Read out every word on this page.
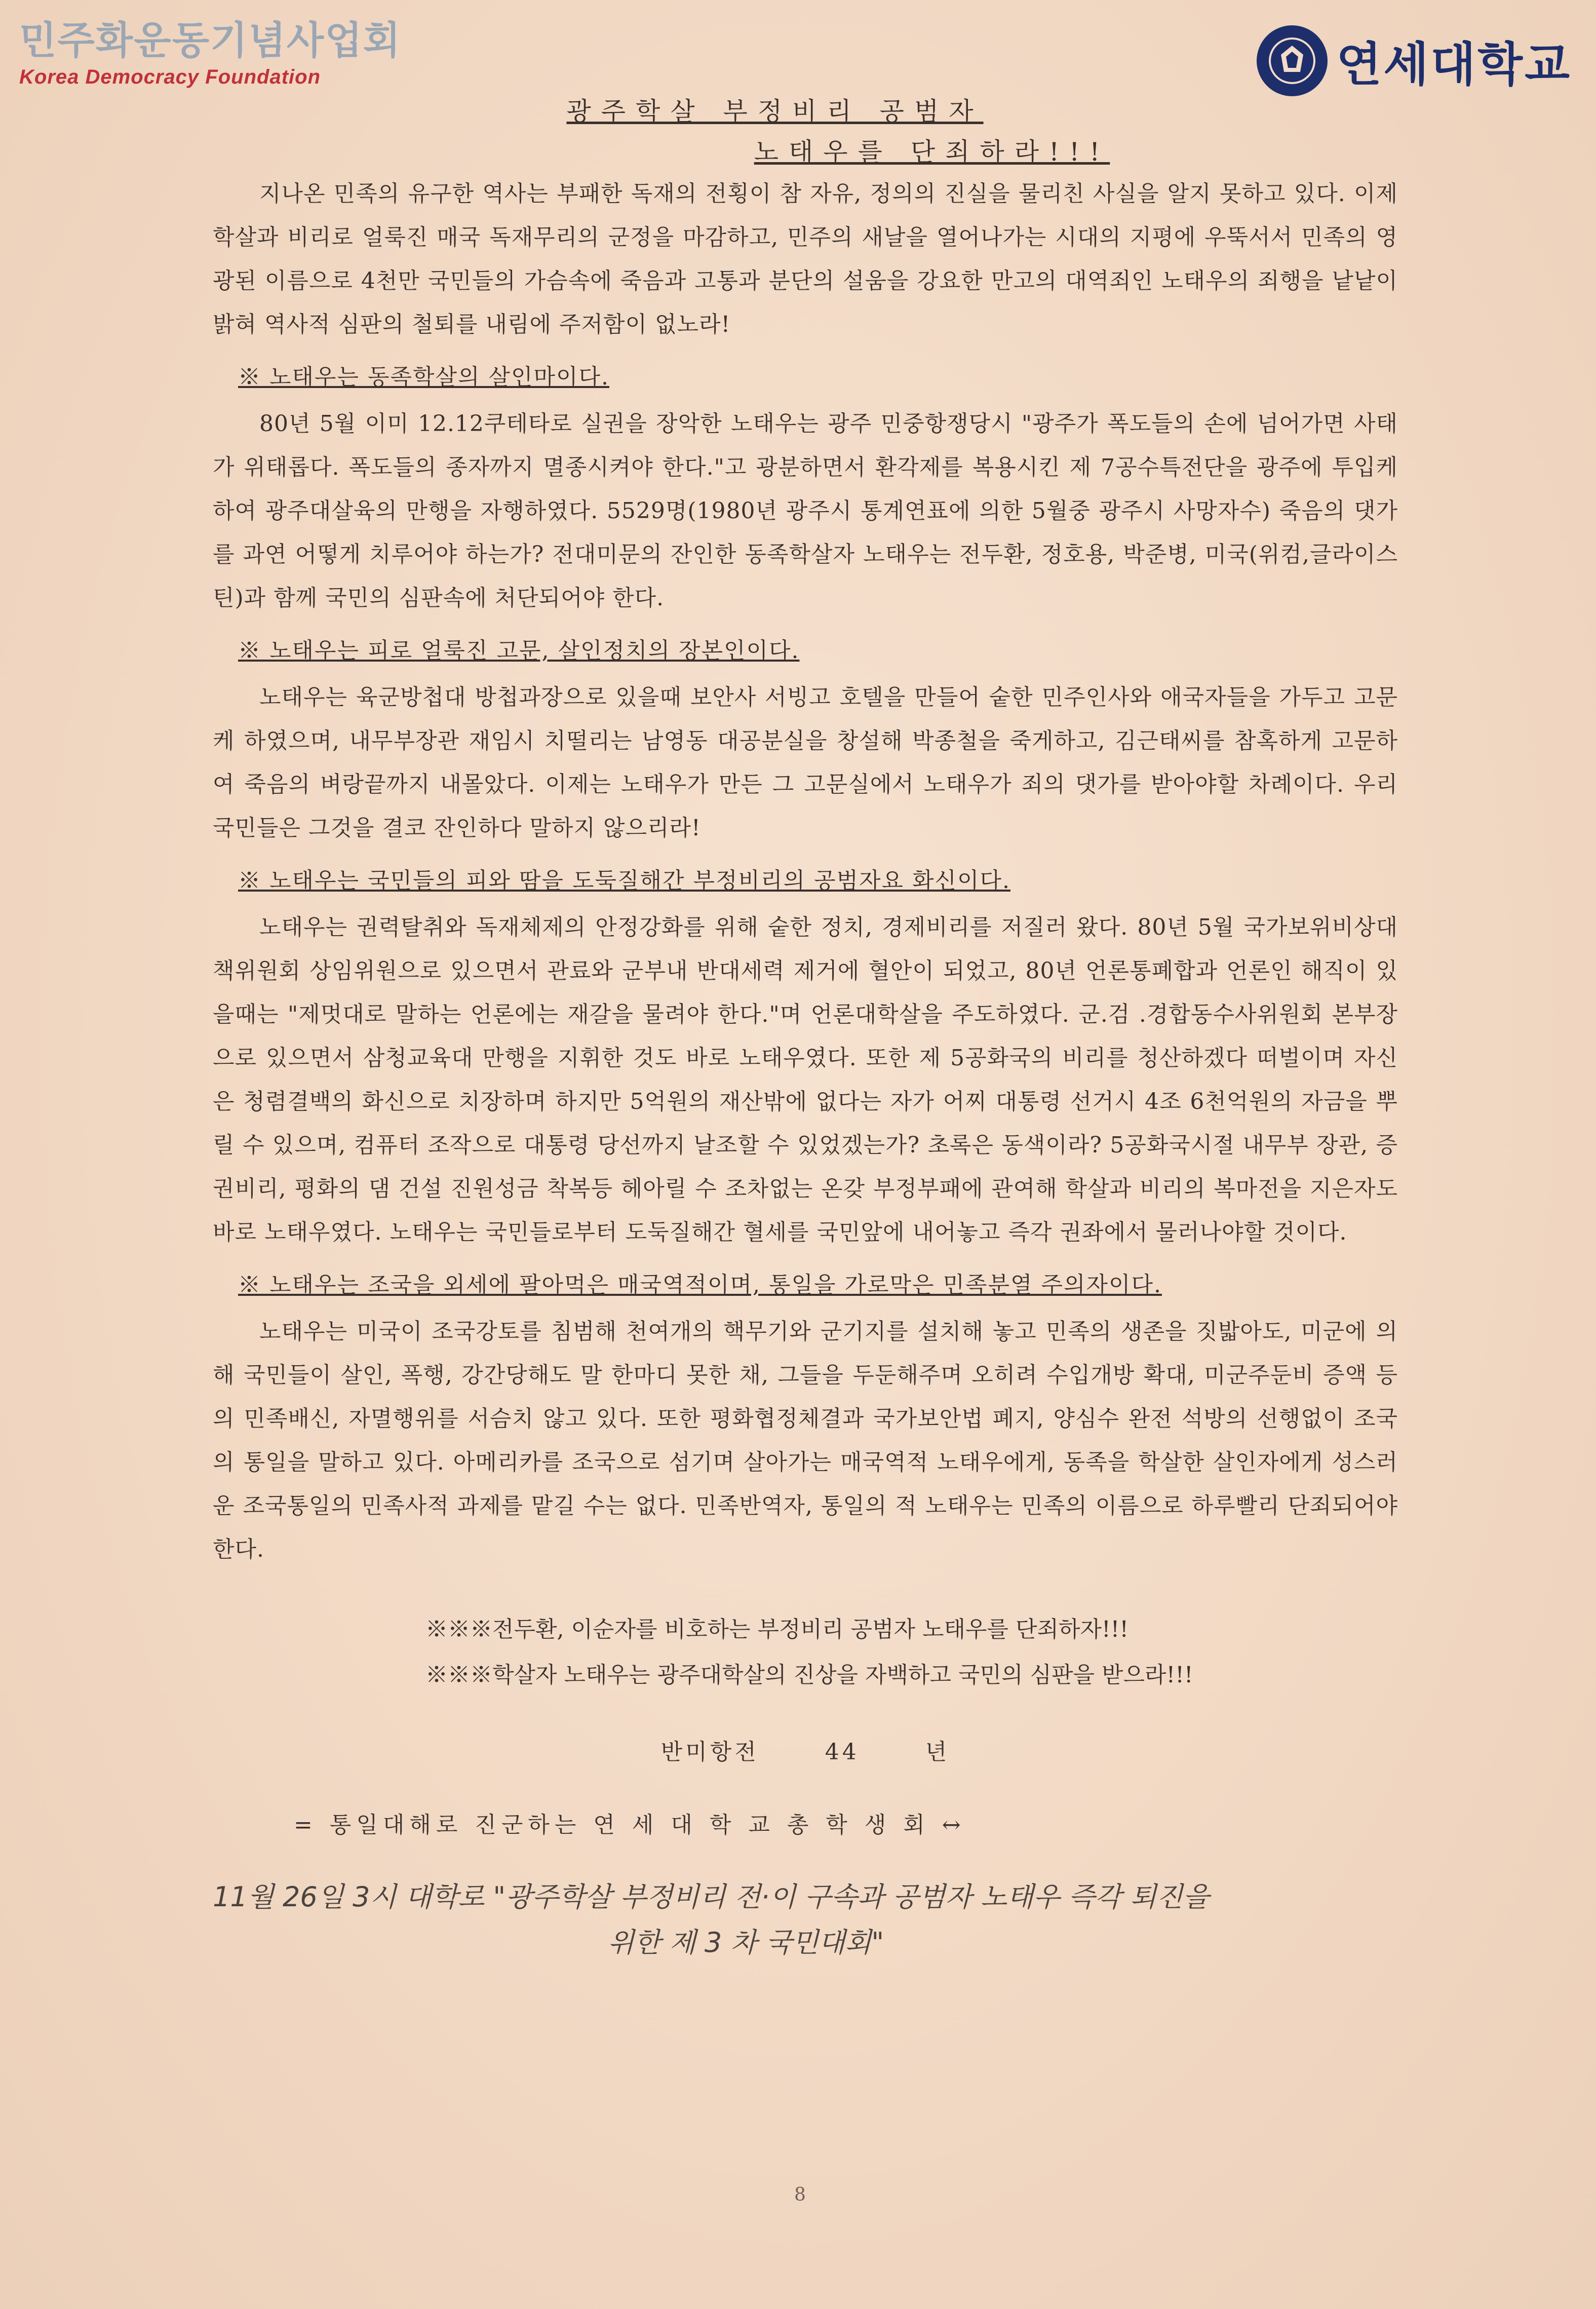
민주화운동기념사업회
Korea Democracy Foundation	연세대학교
광주학살 부정비리 공범자
노태우를 단죄하라!!!

지나온 민족의 유구한 역사는 부패한 독재의 전횡이 참 자유, 정의의 진실을 물리친 사실을 알지 못하고 있다. 이제 학살과 비리로 얼룩진 매국 독재무리의 군정을 마감하고, 민주의 새날을 열어나가는 시대의 지평에 우뚝서서 민족의 영광된 이름으로 4천만 국민들의 가슴속에 죽음과 고통과 분단의 설움을 강요한 만고의 대역죄인 노태우의 죄행을 낱낱이 밝혀 역사적 심판의 철퇴를 내림에 주저함이 없노라!

※ 노태우는 동족학살의 살인마이다.

80년 5월 이미 12.12쿠테타로 실권을 장악한 노태우는 광주 민중항쟁당시 "광주가 폭도들의 손에 넘어가면 사태가 위태롭다. 폭도들의 종자까지 멸종시켜야 한다."고 광분하면서 환각제를 복용시킨 제 7공수특전단을 광주에 투입케하여 광주대살육의 만행을 자행하였다. 5529명(1980년 광주시 통계연표에 의한 5월중 광주시 사망자수) 죽음의 댓가를 과연 어떻게 치루어야 하는가? 전대미문의 잔인한 동족학살자 노태우는 전두환, 정호용, 박준병, 미국(위컴,글라이스틴)과 함께 국민의 심판속에 처단되어야 한다.

※ 노태우는 피로 얼룩진 고문, 살인정치의 장본인이다.

노태우는 육군방첩대 방첩과장으로 있을때 보안사 서빙고 호텔을 만들어 숱한 민주인사와 애국자들을 가두고 고문케 하였으며, 내무부장관 재임시 치떨리는 남영동 대공분실을 창설해 박종철을 죽게하고, 김근태씨를 참혹하게 고문하여 죽음의 벼랑끝까지 내몰았다. 이제는 노태우가 만든 그 고문실에서 노태우가 죄의 댓가를 받아야할 차례이다. 우리 국민들은 그것을 결코 잔인하다 말하지 않으리라!

※ 노태우는 국민들의 피와 땀을 도둑질해간 부정비리의 공범자요 화신이다.

노태우는 권력탈취와 독재체제의 안정강화를 위해 숱한 정치, 경제비리를 저질러 왔다. 80년 5월 국가보위비상대책위원회 상임위원으로 있으면서 관료와 군부내 반대세력 제거에 혈안이 되었고, 80년 언론통폐합과 언론인 해직이 있을때는 "제멋대로 말하는 언론에는 재갈을 물려야 한다."며 언론대학살을 주도하였다. 군.검 .경합동수사위원회 본부장으로 있으면서 삼청교육대 만행을 지휘한 것도 바로 노태우였다. 또한 제 5공화국의 비리를 청산하겠다 떠벌이며 자신은 청렴결백의 화신으로 치장하며 하지만 5억원의 재산밖에 없다는 자가 어찌 대통령 선거시 4조 6천억원의 자금을 뿌릴 수 있으며, 컴퓨터 조작으로 대통령 당선까지 날조할 수 있었겠는가? 초록은 동색이라? 5공화국시절 내무부 장관, 증권비리, 평화의 댐 건설 진원성금 착복등 헤아릴 수 조차없는 온갖 부정부패에 관여해 학살과 비리의 복마전을 지은자도 바로 노태우였다. 노태우는 국민들로부터 도둑질해간 혈세를 국민앞에 내어놓고 즉각 권좌에서 물러나야할 것이다.

※ 노태우는 조국을 외세에 팔아먹은 매국역적이며, 통일을 가로막은 민족분열 주의자이다.

노태우는 미국이 조국강토를 침범해 천여개의 핵무기와 군기지를 설치해 놓고 민족의 생존을 짓밟아도, 미군에 의해 국민들이 살인, 폭행, 강간당해도 말 한마디 못한 채, 그들을 두둔해주며 오히려 수입개방 확대, 미군주둔비 증액 등의 민족배신, 자멸행위를 서슴치 않고 있다. 또한 평화협정체결과 국가보안법 폐지, 양심수 완전 석방의 선행없이 조국의 통일을 말하고 있다. 아메리카를 조국으로 섬기며 살아가는 매국역적 노태우에게, 동족을 학살한 살인자에게 성스러운 조국통일의 민족사적 과제를 맡길 수는 없다. 민족반역자, 통일의 적 노태우는 민족의 이름으로 하루빨리 단죄되어야 한다.

※※※전두환, 이순자를 비호하는 부정비리 공범자 노태우를 단죄하자!!!
※※※학살자 노태우는 광주대학살의 진상을 자백하고 국민의 심판을 받으라!!!
반미항전 44 년
= 통일대해로 진군하는 연 세 대 학 교 총 학 생 회 ↔
11월 26일 3시 대학로 "광주학살 부정비리 전·이 구속과 공범자 노태우 즉각 퇴진을
위한 제 3 차 국민대회"
8
